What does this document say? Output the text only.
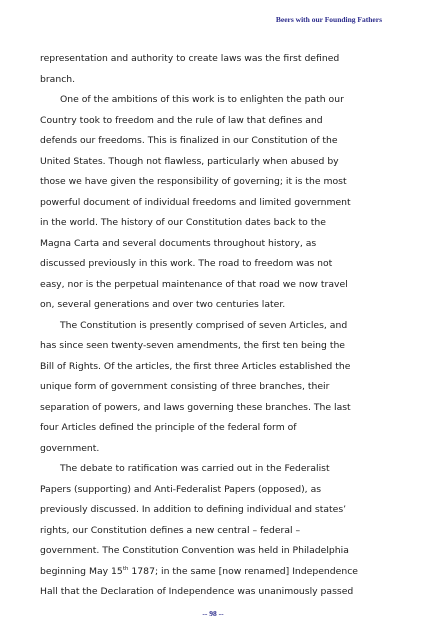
Beers with our Founding Fathers
representation and authority to create laws was the first defined
branch.
One of the ambitions of this work is to enlighten the path our
Country took to freedom and the rule of law that defines and
defends our freedoms. This is finalized in our Constitution of the
United States. Though not flawless, particularly when abused by
those we have given the responsibility of governing; it is the most
powerful document of individual freedoms and limited government
in the world. The history of our Constitution dates back to the
Magna Carta and several documents throughout history, as
discussed previously in this work. The road to freedom was not
easy, nor is the perpetual maintenance of that road we now travel
on, several generations and over two centuries later.
The Constitution is presently comprised of seven Articles, and
has since seen twenty-seven amendments, the first ten being the
Bill of Rights. Of the articles, the first three Articles established the
unique form of government consisting of three branches, their
separation of powers, and laws governing these branches. The last
four Articles defined the principle of the federal form of
government.
The debate to ratification was carried out in the Federalist
Papers (supporting) and Anti-Federalist Papers (opposed), as
previously discussed. In addition to defining individual and states’
rights, our Constitution defines a new central – federal –
government. The Constitution Convention was held in Philadelphia
beginning May 15th 1787; in the same [now renamed] Independence
Hall that the Declaration of Independence was unanimously passed
-- 98 --
